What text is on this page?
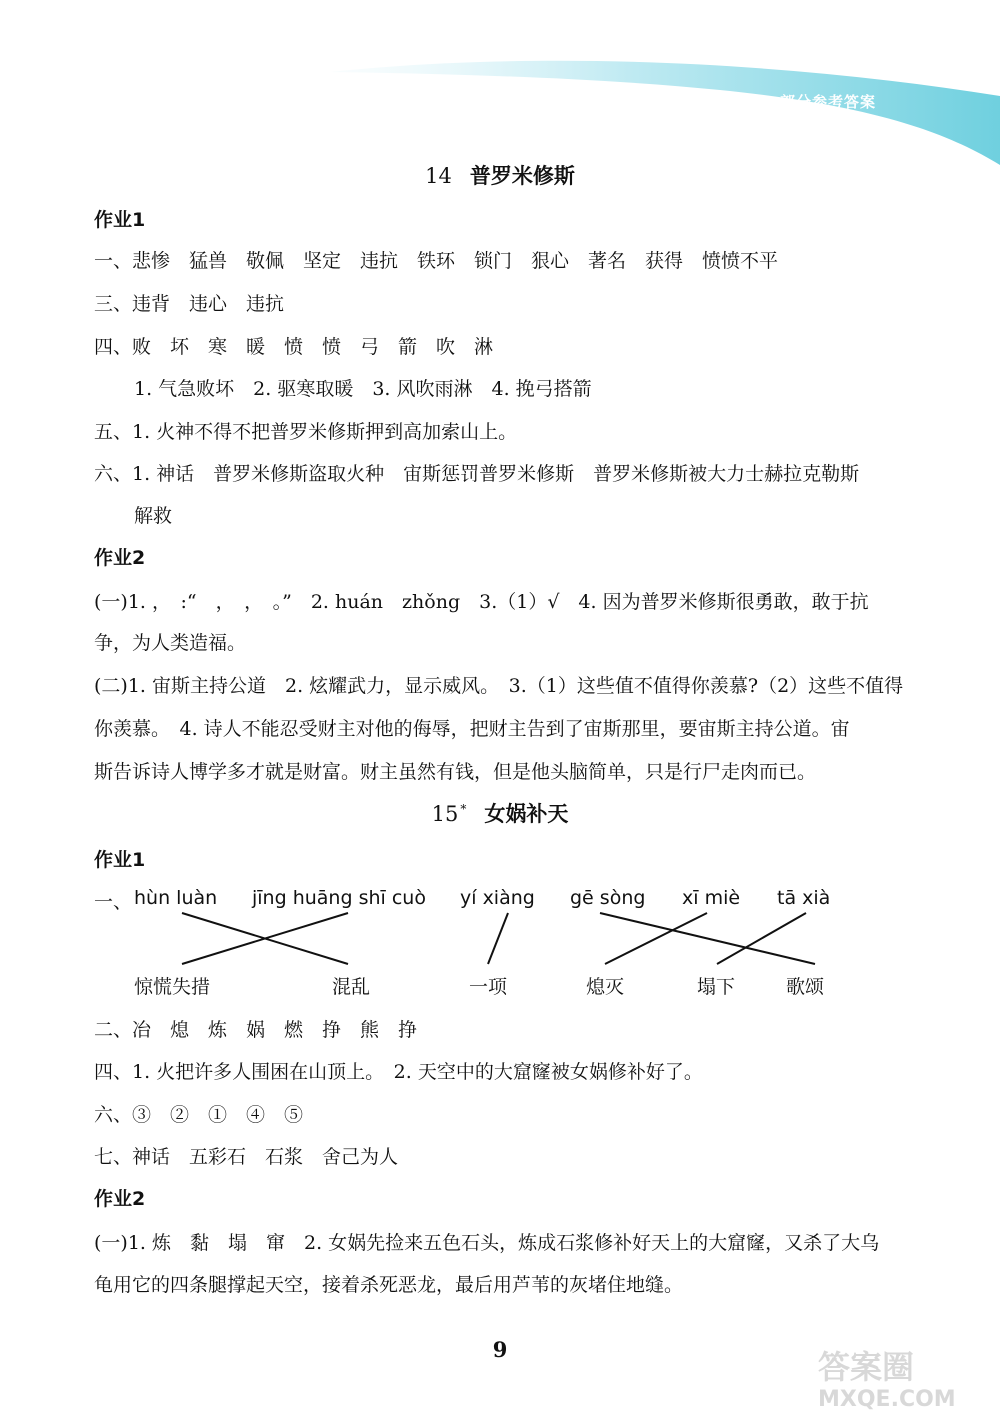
部分参考答案
14 普罗米修斯
作业1
一、悲惨　猛兽　敬佩　坚定　违抗　铁环　锁门　狠心　著名　获得　愤愤不平
三、违背　违心　违抗
四、败　坏　寒　暖　愤　愤　弓　箭　吹　淋
1. 气急败坏　2. 驱寒取暖　3. 风吹雨淋　4. 挽弓搭箭
五、1. 火神不得不把普罗米修斯押到高加索山上。
六、1. 神话　普罗米修斯盗取火种　宙斯惩罚普罗米修斯　普罗米修斯被大力士赫拉克勒斯
解救
作业2
(一)1. ，　:“　，　，　。”　2. huán　zhǒng　3.（1）√　4. 因为普罗米修斯很勇敢，敢于抗
争，为人类造福。
(二)1. 宙斯主持公道　2. 炫耀武力，显示威风。　3.（1）这些值不值得你羡慕?（2）这些不值得
你羡慕。　4. 诗人不能忍受财主对他的侮辱，把财主告到了宙斯那里，要宙斯主持公道。宙
斯告诉诗人博学多才就是财富。财主虽然有钱，但是他头脑简单，只是行尸走肉而已。
15 * 女娲补天
作业1
一、 hùn luàn jīng huāng shī cuò yí xiàng gē sòng xī miè tā xià
惊慌失措	混乱	一项	熄灭	塌下	歌颂
二、冶　熄　炼　娲　燃　挣　熊　挣
四、1. 火把许多人围困在山顶上。　2. 天空中的大窟窿被女娲修补好了。
六、③　②　①　④　⑤
七、神话　五彩石　石浆　舍己为人
作业2
(一)1. 炼　黏　塌　窜　2. 女娲先捡来五色石头，炼成石浆修补好天上的大窟窿，又杀了大乌
龟用它的四条腿撑起天空，接着杀死恶龙，最后用芦苇的灰堵住地缝。
9	答案圈
MXQE.COM
